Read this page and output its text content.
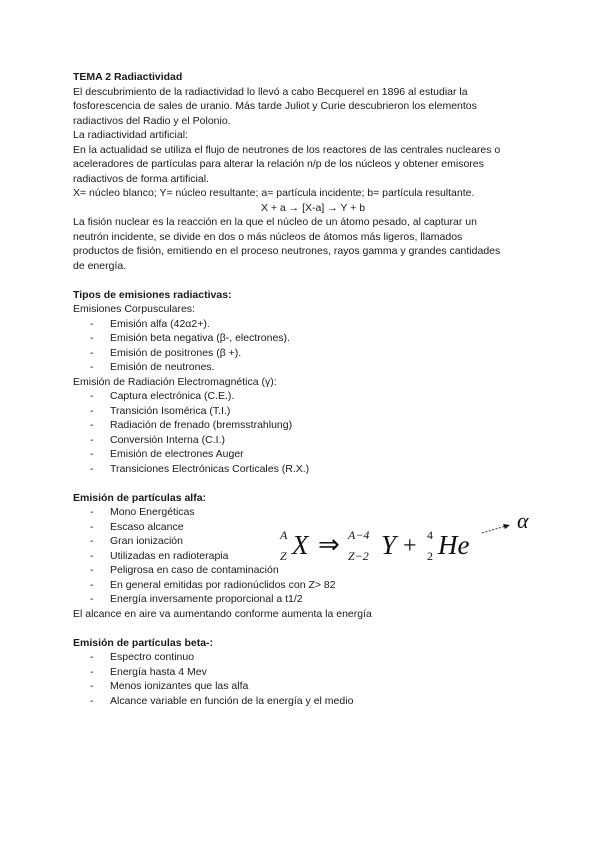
TEMA 2 Radiactividad

El descubrimiento de la radiactividad lo llevó a cabo Becquerel en 1896 al estudiar la

fosforescencia de sales de uranio. Más tarde Juliot y Curie descubrieron los elementos

radiactivos del Radio y el Polonio.

La radiactividad artificial:

En la actualidad se utiliza el flujo de neutrones de los reactores de las centrales nucleares o

aceleradores de partículas para alterar la relación n/p de los núcleos y obtener emisores

radiactivos de forma artificial.

X= núcleo blanco; Y= núcleo resultante; a= partícula incidente; b= partícula resultante.

X + a → [X-a] → Y + b

La fisión nuclear es la reacción en la que el núcleo de un átomo pesado, al capturar un

neutrón incidente, se divide en dos o más núcleos de átomos más ligeros, llamados

productos de fisión, emitiendo en el proceso neutrones, rayos gamma y grandes cantidades

de energía.

Tipos de emisiones radiactivas:

Emisiones Corpusculares:

- Emisión alfa (42α2+).
- Emisión beta negativa (β-, electrones).
- Emisión de positrones (β +).
- Emisión de neutrones.

Emisión de Radiación Electromagnética (γ):

- Captura electrónica (C.E.).
- Transición Isomérica (T.I.)
- Radiación de frenado (bremsstrahlung)
- Conversión Interna (C.I.)
- Emisión de electrones Auger
- Transiciones Electrónicas Corticales (R.X.)

Emisión de partículas alfa:

- Mono Energéticas
- Escaso alcance
- Gran ionización
- Utilizadas en radioterapia
- Peligrosa en caso de contaminación
- En general emitidas por radionúclidos con Z> 82
- Energía inversamente proporcional a t1/2

El alcance en aire va aumentando conforme aumenta la energía

Emisión de partículas beta-:

- Espectro continuo
- Energía hasta 4 Mev
- Menos ionizantes que las alfa
- Alcance variable en función de la energía y el medio
A
Z X ⇒ A−4
Z−2 Y + 4
2 He
α
